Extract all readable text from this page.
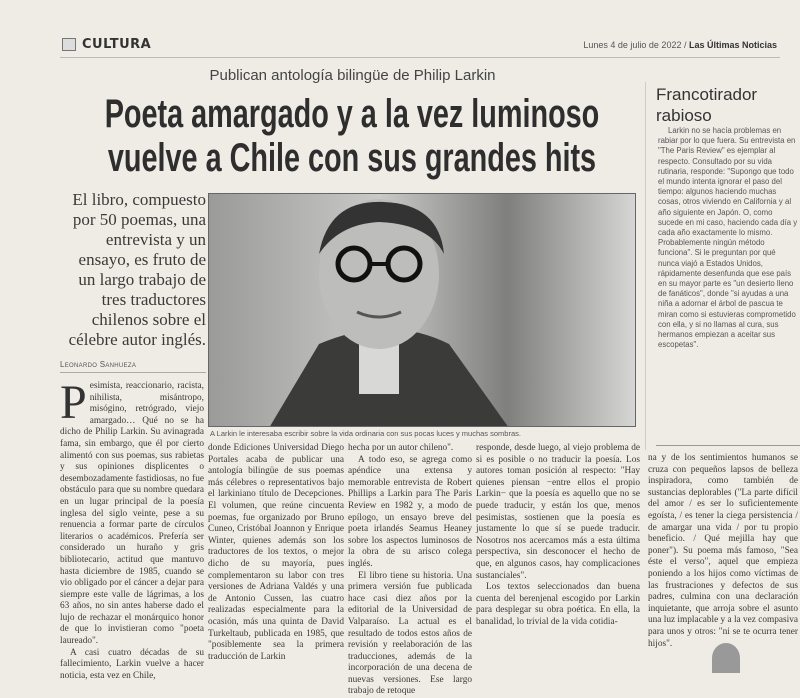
CULTURA	Lunes 4 de julio de 2022 / Las Últimas Noticias
Publican antología bilingüe de Philip Larkin
Poeta amargado y a la vez luminoso
vuelve a Chile con sus grandes hits
El libro, compuesto por 50 poemas, una entrevista y un ensayo, es fruto de un largo trabajo de tres traductores chilenos sobre el célebre autor inglés.
Leonardo Sanhueza

Pesimista, reaccionario, racista, nihilista, misántropo, misógino, retrógrado, viejo amargado… Qué no se ha dicho de Philip Larkin. Su avinagrada fama, sin embargo, que él por cierto alimentó con sus poemas, sus rabietas y sus opiniones displicentes o desembozadamente fastidiosas, no fue obstáculo para que su nombre quedara en un lugar principal de la poesía inglesa del siglo veinte, pese a su renuencia a formar parte de círculos literarios o académicos. Prefería ser considerado un huraño y gris bibliotecario, actitud que mantuvo hasta diciembre de 1985, cuando se vio obligado por el cáncer a dejar para siempre este valle de lágrimas, a los 63 años, no sin antes haberse dado el lujo de rechazar el monárquico honor de que lo invistieran como "poeta laureado".

A casi cuatro décadas de su fallecimiento, Larkin vuelve a hacer noticia, esta vez en Chile,

A Larkin le interesaba escribir sobre la vida ordinaria con sus pocas luces y muchas sombras.

donde Ediciones Universidad Diego Portales acaba de publicar una antología bilingüe de sus poemas más célebres o representativos bajo el larkiniano título de Decepciones. El volumen, que reúne cincuenta poemas, fue organizado por Bruno Cuneo, Cristóbal Joannon y Enrique Winter, quienes además son los traductores de los textos, o mejor dicho de su mayoría, pues complementaron su labor con tres versiones de Adriana Valdés y una de Antonio Cussen, las cuatro realizadas especialmente para la ocasión, más una quinta de David Turkeltaub, publicada en 1985, que "posiblemente sea la primera traducción de Larkin

hecha por un autor chileno".

A todo eso, se agrega como apéndice una extensa y memorable entrevista de Robert Phillips a Larkin para The Paris Review en 1982 y, a modo de epílogo, un ensayo breve del poeta irlandés Seamus Heaney sobre los aspectos luminosos de la obra de su arisco colega inglés.

El libro tiene su historia. Una primera versión fue publicada hace casi diez años por la editorial de la Universidad de Valparaíso. La actual es el resultado de todos estos años de revisión y reelaboración de las traducciones, además de la incorporación de una decena de nuevas versiones. Ese largo trabajo de retoque

responde, desde luego, al viejo problema de si es posible o no traducir la poesía. Los autores toman posición al respecto: "Hay quienes piensan −entre ellos el propio Larkin− que la poesía es aquello que no se puede traducir, y están los que, menos pesimistas, sostienen que la poesía es justamente lo que sí se puede traducir. Nosotros nos acercamos más a esta última perspectiva, sin desconocer el hecho de que, en algunos casos, hay complicaciones sustanciales".

Los textos seleccionados dan buena cuenta del berenjenal escogido por Larkin para desplegar su obra poética. En ella, la banalidad, lo trivial de la vida cotidia-

Francotirador
rabioso

Larkin no se hacía problemas en rabiar por lo que fuera. Su entrevista en "The Paris Review" es ejemplar al respecto. Consultado por su vida rutinaria, responde: "Supongo que todo el mundo intenta ignorar el paso del tiempo: algunos haciendo muchas cosas, otros viviendo en California y al año siguiente en Japón. O, como sucede en mi caso, haciendo cada día y cada año exactamente lo mismo. Probablemente ningún método funciona". Si le preguntan por qué nunca viajó a Estados Unidos, rápidamente desenfunda que ese país en su mayor parte es "un desierto lleno de fanáticos", donde "si ayudas a una niña a adornar el árbol de pascua te miran como si estuvieras comprometido con ella, y si no llamas al cura, sus hermanos empiezan a aceitar sus escopetas".

na y de los sentimientos humanos se cruza con pequeños lapsos de belleza inspiradora, como también de sustancias deplorables ("La parte difícil del amor / es ser lo suficientemente egoísta, / es tener la ciega persistencia / de amargar una vida / por tu propio beneficio. / Qué mejilla hay que poner"). Su poema más famoso, "Sea éste el verso", aquel que empieza poniendo a los hijos como víctimas de las frustraciones y defectos de sus padres, culmina con una declaración inquietante, que arroja sobre el asunto una luz implacable y a la vez compasiva para unos y otros: "ni se te ocurra tener hijos".
